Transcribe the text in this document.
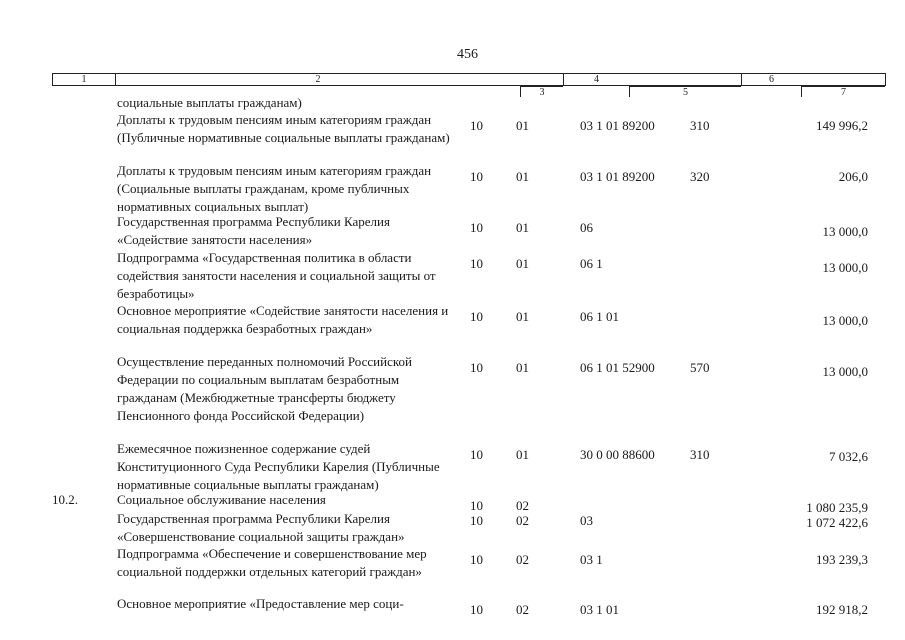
456
1	2
3
4
5
6
7
социальные выплаты гражданам)
Доплаты к трудовым пенсиям иным категориям граждан (Публичные нормативные социальные выплаты гражданам)
10	01	03 1 01 89200	310	149 996,2
Доплаты к трудовым пенсиям иным категориям граждан (Социальные выплаты гражданам, кроме публичных нормативных социальных выплат)
10	01	03 1 01 89200	320	206,0
Государственная программа Республики Карелия «Содействие занятости населения»
10	01	06	13 000,0
Подпрограмма «Государственная политика в области содействия занятости населения и социальной защиты от безработицы»
10	01	06 1	13 000,0
Основное мероприятие «Содействие занятости населения и социальная поддержка безработных граждан»
10	01	06 1 01	13 000,0
Осуществление переданных полномочий Российской Федерации по социальным выплатам безработным гражданам (Межбюджетные трансферты бюджету Пенсионного фонда Российской Федерации)
10	01	06 1 01 52900	570	13 000,0
Ежемесячное пожизненное содержание судей Конституционного Суда Республики Карелия (Публичные нормативные социальные выплаты гражданам)
10	01	30 0 00 88600	310	7 032,6
10.2.	Социальное обслуживание населения	10	02	1 080 235,9
Государственная программа Республики Карелия «Совершенствование социальной защиты граждан»
10	02	03	1 072 422,6
Подпрограмма «Обеспечение и совершенствование мер социальной поддержки отдельных категорий граждан»
10	02	03 1	193 239,3
Основное мероприятие «Предоставление мер соци-	10	02	03 1 01	192 918,2
